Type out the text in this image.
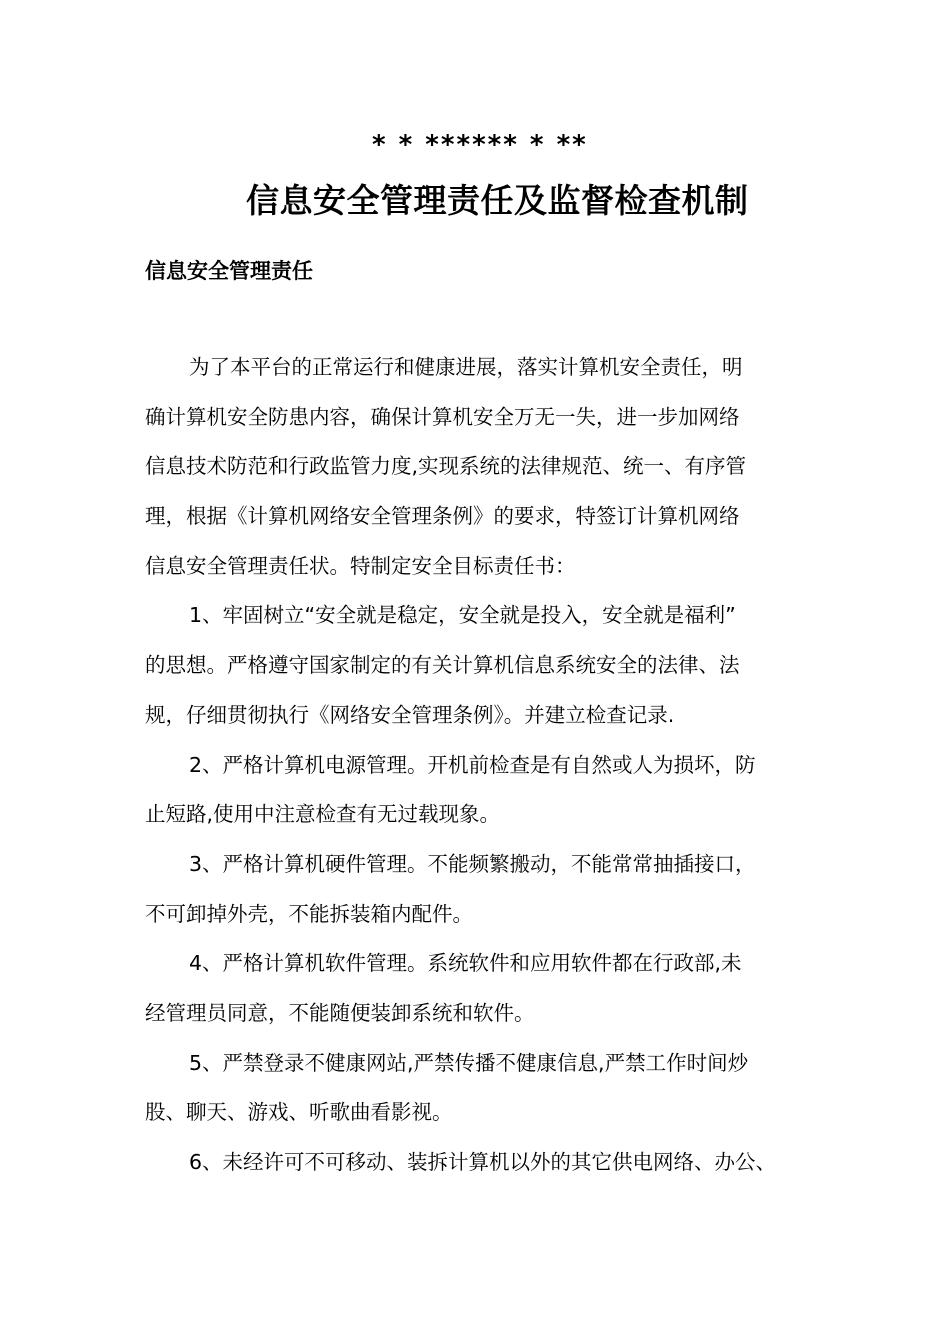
* * ****** * **
信息安全管理责任及监督检查机制
信息安全管理责任
为了本平台的正常运行和健康进展，落实计算机安全责任，明
确计算机安全防患内容，确保计算机安全万无一失，进一步加网络
信息技术防范和行政监管力度,实现系统的法律规范、统一、有序管
理，根据《计算机网络安全管理条例》的要求，特签订计算机网络
信息安全管理责任状。特制定安全目标责任书：
1、牢固树立“安全就是稳定，安全就是投入，安全就是福利”
的思想。严格遵守国家制定的有关计算机信息系统安全的法律、法
规，仔细贯彻执行《网络安全管理条例》。并建立检查记录.
2、严格计算机电源管理。开机前检查是有自然或人为损坏，防
止短路,使用中注意检查有无过载现象。
3、严格计算机硬件管理。不能频繁搬动，不能常常抽插接口，
不可卸掉外壳，不能拆装箱内配件。
4、严格计算机软件管理。系统软件和应用软件都在行政部,未
经管理员同意，不能随便装卸系统和软件。
5、严禁登录不健康网站,严禁传播不健康信息,严禁工作时间炒
股、聊天、游戏、听歌曲看影视。
6、未经许可不可移动、装拆计算机以外的其它供电网络、办公、
